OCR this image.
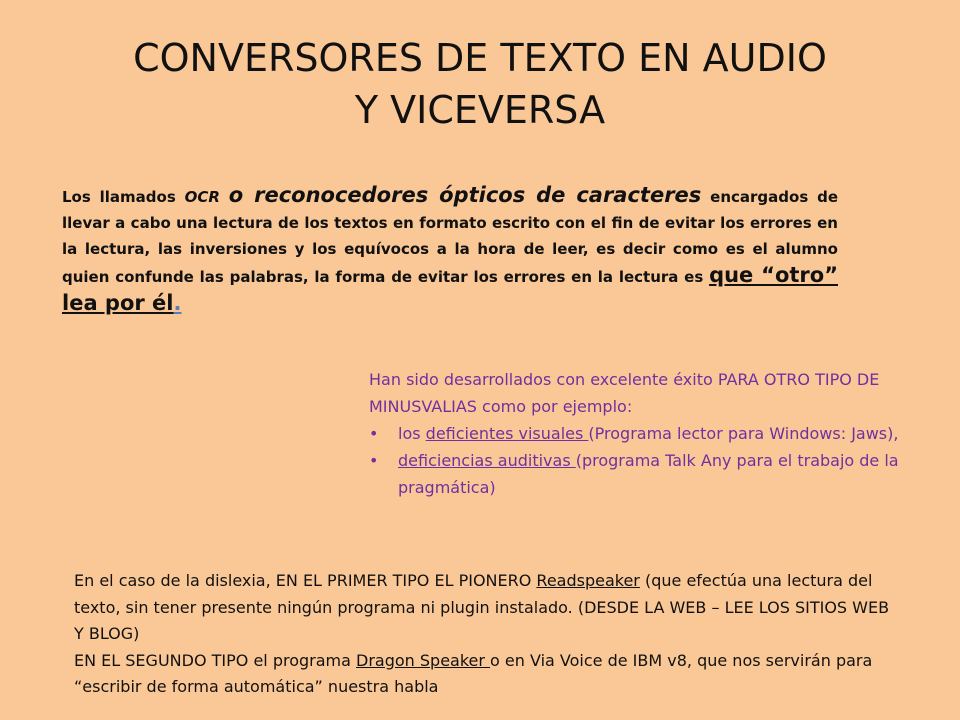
CONVERSORES DE TEXTO EN AUDIO
Y VICEVERSA

Los llamados OCR o reconocedores ópticos de caracteres encargados de llevar a cabo una lectura de los textos en formato escrito con el fin de evitar los errores en la lectura, las inversiones y los equívocos a la hora de leer, es decir como es el alumno quien confunde las palabras, la forma de evitar los errores en la lectura es que “otro” lea por él.

Han sido desarrollados con excelente éxito PARA OTRO TIPO DE MINUSVALIAS como por ejemplo:

• los deficientes visuales (Programa lector para Windows: Jaws),
• deficiencias auditivas (programa Talk Any para el trabajo de la pragmática)

En el caso de la dislexia, EN EL PRIMER TIPO EL PIONERO Readspeaker (que efectúa una lectura del texto, sin tener presente ningún programa ni plugin instalado. (DESDE LA WEB – LEE LOS SITIOS WEB Y BLOG)

EN EL SEGUNDO TIPO el programa Dragon Speaker o en Via Voice de IBM v8, que nos servirán para “escribir de forma automática” nuestra habla
